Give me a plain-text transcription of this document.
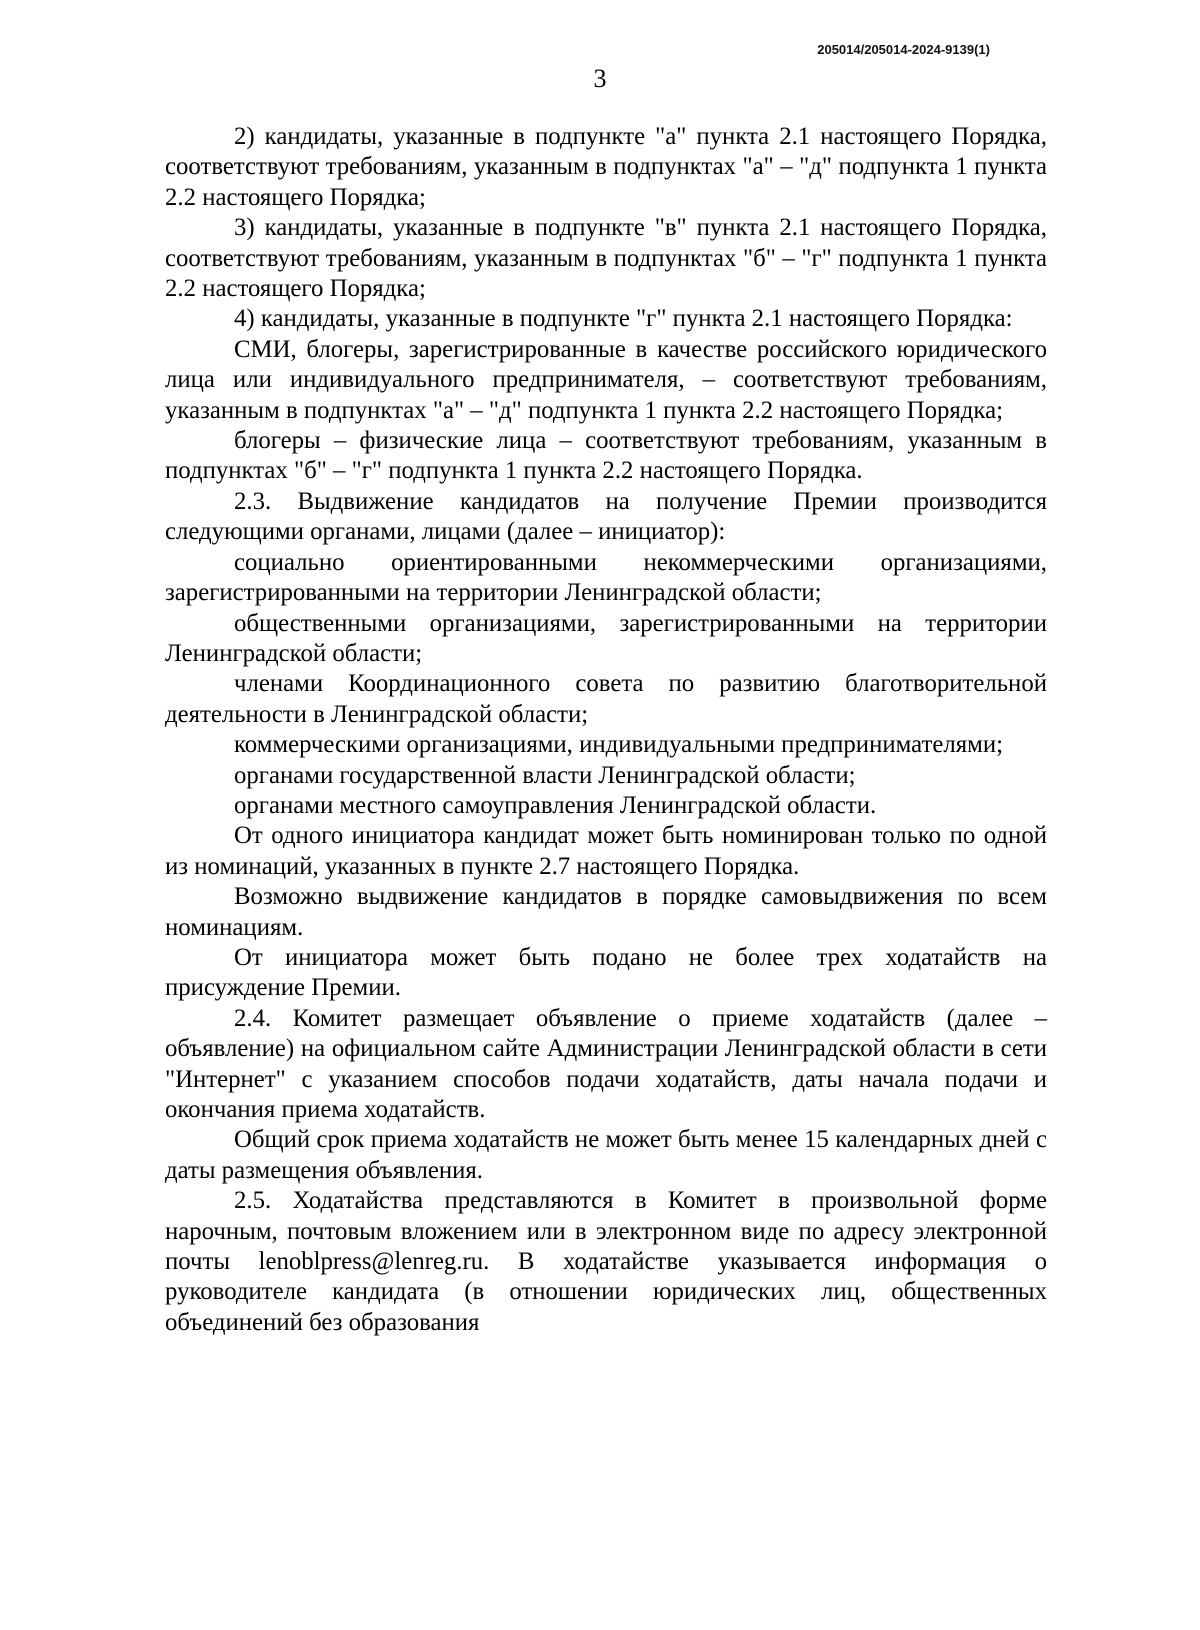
205014/205014-2024-9139(1)
3

2) кандидаты, указанные в подпункте "а" пункта 2.1 настоящего Порядка, соответствуют требованиям, указанным в подпунктах "а" – "д" подпункта 1 пункта 2.2 настоящего Порядка;

3) кандидаты, указанные в подпункте "в" пункта 2.1 настоящего Порядка, соответствуют требованиям, указанным в подпунктах "б" – "г" подпункта 1 пункта 2.2 настоящего Порядка;

4) кандидаты, указанные в подпункте "г" пункта 2.1 настоящего Порядка:

СМИ, блогеры, зарегистрированные в качестве российского юридического лица или индивидуального предпринимателя, – соответствуют требованиям, указанным в подпунктах "а" – "д" подпункта 1 пункта 2.2 настоящего Порядка;

блогеры – физические лица – соответствуют требованиям, указанным в подпунктах "б" – "г" подпункта 1 пункта 2.2 настоящего Порядка.

2.3. Выдвижение кандидатов на получение Премии производится следующими органами, лицами (далее – инициатор):

социально ориентированными некоммерческими организациями, зарегистрированными на территории Ленинградской области;

общественными организациями, зарегистрированными на территории Ленинградской области;

членами Координационного совета по развитию благотворительной деятельности в Ленинградской области;

коммерческими организациями, индивидуальными предпринимателями;

органами государственной власти Ленинградской области;

органами местного самоуправления Ленинградской области.

От одного инициатора кандидат может быть номинирован только по одной из номинаций, указанных в пункте 2.7 настоящего Порядка.

Возможно выдвижение кандидатов в порядке самовыдвижения по всем номинациям.

От инициатора может быть подано не более трех ходатайств на присуждение Премии.

2.4. Комитет размещает объявление о приеме ходатайств (далее – объявление) на официальном сайте Администрации Ленинградской области в сети "Интернет" с указанием способов подачи ходатайств, даты начала подачи и окончания приема ходатайств.

Общий срок приема ходатайств не может быть менее 15 календарных дней с даты размещения объявления.

2.5. Ходатайства представляются в Комитет в произвольной форме нарочным, почтовым вложением или в электронном виде по адресу электронной почты lenoblpress@lenreg.ru. В ходатайстве указывается информация о руководителе кандидата (в отношении юридических лиц, общественных объединений без образования
